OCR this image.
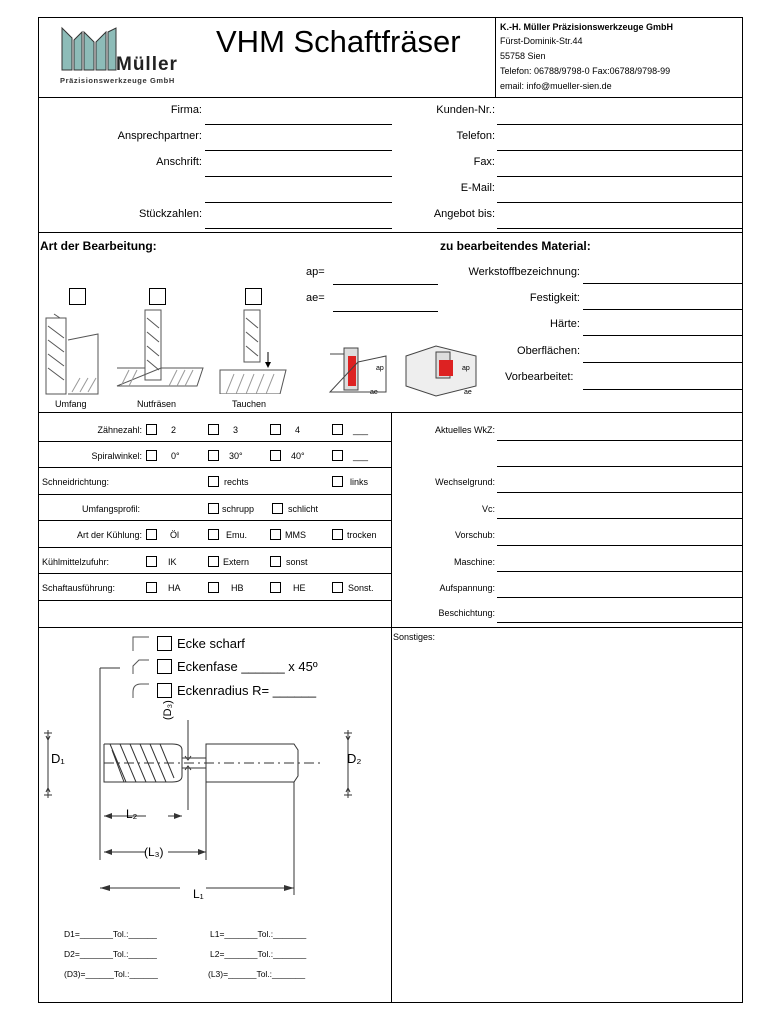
Müller
Präzisionswerkzeuge GmbH
VHM Schaftfräser	K.-H. Müller Präzisionswerkzeuge GmbH
Fürst-Dominik-Str.44
55758 Sien
Telefon: 06788/9798-0 Fax:06788/9798-99
email: info@mueller-sien.de
Firma:
Ansprechpartner:
Anschrift:
Stückzahlen:
Kunden-Nr.:
Telefon:
Fax:
E-Mail:
Angebot bis:
Art der Bearbeitung:	zu bearbeitendes Material:
ap=
ae=
Umfang	Nutfräsen	Tauchen
ap
ae
ap
ae
Werkstoffbezeichnung:
Festigkeit:
Härte:
Oberflächen:
Vorbearbeitet:
Zähnezahl:	2	3	4	___
Spiralwinkel:	0°	30°	40°	___
Schneidrichtung:	rechts	links
Umfangsprofil:	schrupp	schlicht
Art der Kühlung:	Öl	Emu.	MMS	trocken
Kühlmittelzufuhr:	IK	Extern	sonst
Schaftausführung:	HA	HB	HE	Sonst.
Aktuelles WkZ:
Wechselgrund:
Vc:
Vorschub:
Maschine:
Aufspannung:
Beschichtung:
Sonstiges:
Ecke scharf
Eckenfase ______ x 45º
Eckenradius R= ______
D₁	D₂
(D₃)
L₂
(L₃)
L₁
D1=_______Tol.:______	L1=_______Tol.:_______
D2=_______Tol.:______	L2=_______Tol.:_______
(D3)=______Tol.:______	(L3)=______Tol.:_______
